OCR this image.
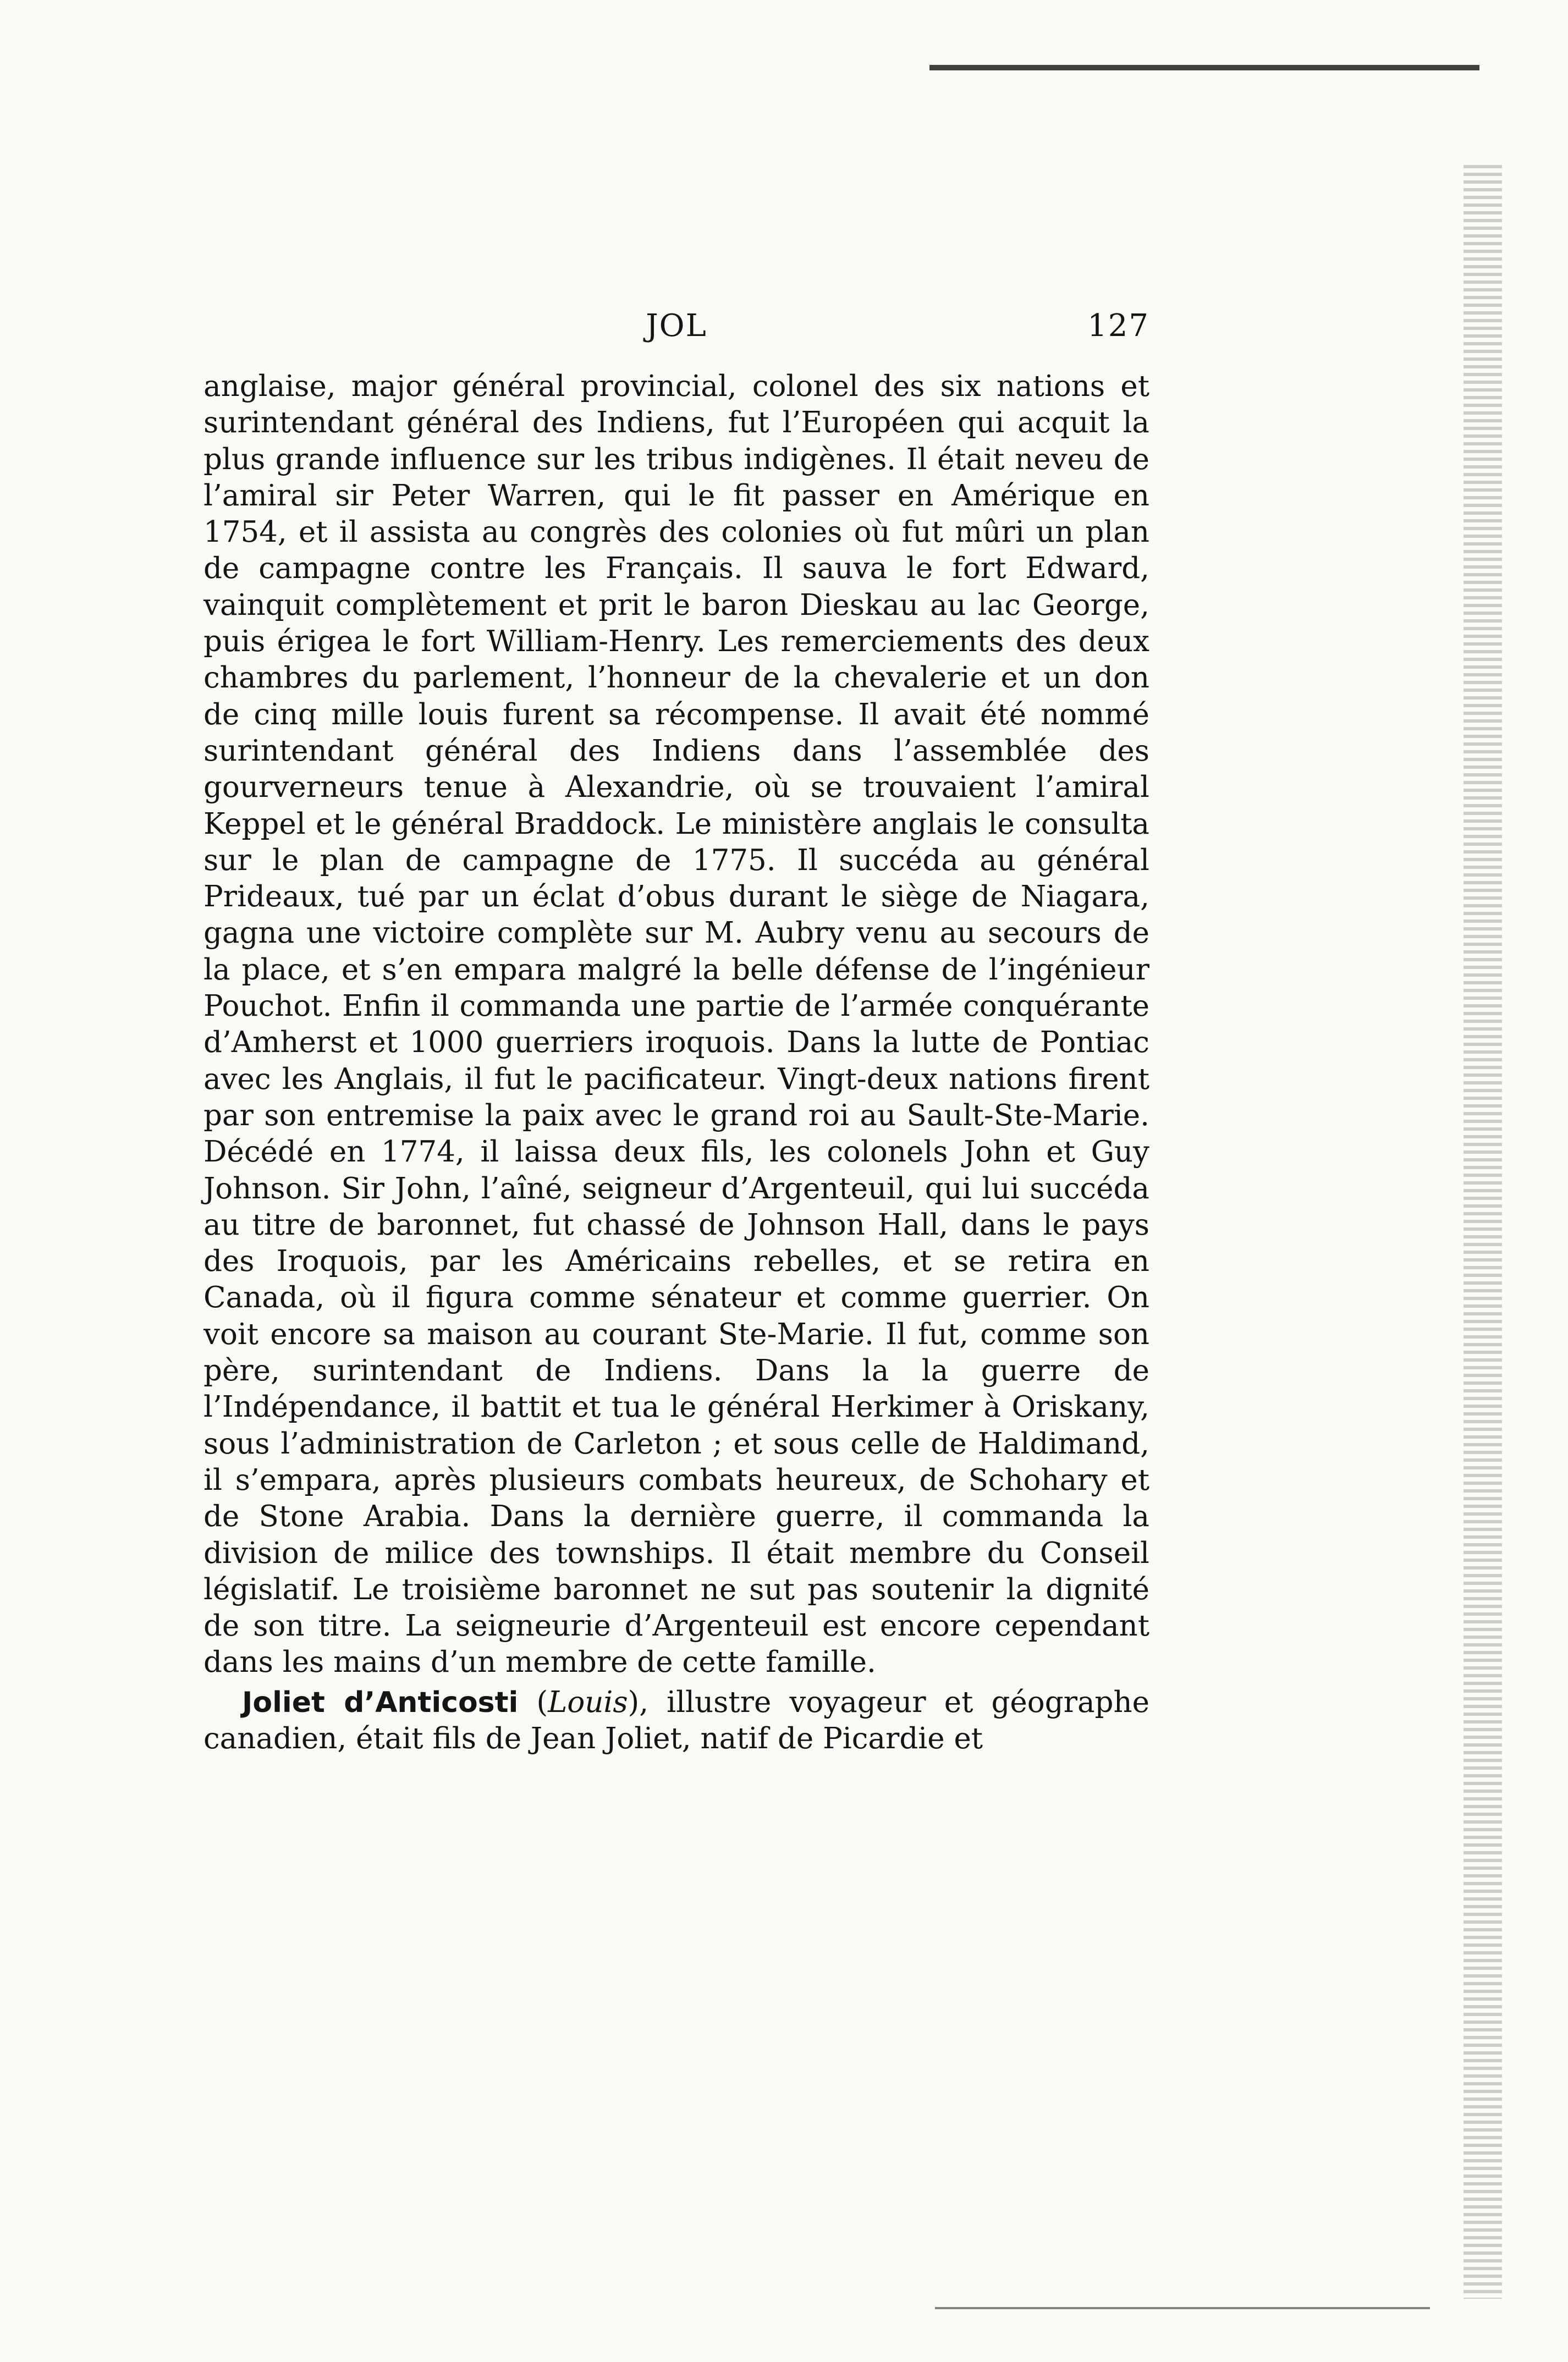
JOL	127

anglaise, major général provincial, colonel des six nations et surintendant général des Indiens, fut l’Européen qui acquit la plus grande influence sur les tribus indigènes. Il était neveu de l’amiral sir Peter Warren, qui le fit passer en Amérique en 1754, et il assista au congrès des colonies où fut mûri un plan de campagne contre les Français. Il sauva le fort Edward, vainquit complètement et prit le baron Dieskau au lac George, puis érigea le fort William-Henry. Les remerciements des deux chambres du parlement, l’honneur de la chevalerie et un don de cinq mille louis furent sa récompense. Il avait été nommé surintendant général des Indiens dans l’assemblée des gourverneurs tenue à Alexandrie, où se trouvaient l’amiral Keppel et le général Braddock. Le ministère anglais le consulta sur le plan de campagne de 1775. Il succéda au général Prideaux, tué par un éclat d’obus durant le siège de Niagara, gagna une victoire complète sur M. Aubry venu au secours de la place, et s’en empara malgré la belle défense de l’ingénieur Pouchot. Enfin il commanda une partie de l’armée conquérante d’Amherst et 1000 guerriers iroquois. Dans la lutte de Pontiac avec les Anglais, il fut le pacificateur. Vingt-deux nations firent par son entremise la paix avec le grand roi au Sault-Ste-Marie. Décédé en 1774, il laissa deux fils, les colonels John et Guy Johnson. Sir John, l’aîné, seigneur d’Argenteuil, qui lui succéda au titre de baronnet, fut chassé de Johnson Hall, dans le pays des Iroquois, par les Américains rebelles, et se retira en Canada, où il figura comme sénateur et comme guerrier. On voit encore sa maison au courant Ste-Marie. Il fut, comme son père, surintendant de Indiens. Dans la la guerre de l’Indépendance, il battit et tua le général Herkimer à Oriskany, sous l’administration de Carleton ; et sous celle de Haldimand, il s’empara, après plusieurs combats heureux, de Schohary et de Stone Arabia. Dans la dernière guerre, il commanda la division de milice des townships. Il était membre du Conseil législatif. Le troisième baronnet ne sut pas soutenir la dignité de son titre. La seigneurie d’Argenteuil est encore cependant dans les mains d’un membre de cette famille.

Joliet d’Anticosti (Louis), illustre voyageur et géographe canadien, était fils de Jean Joliet, natif de Picardie et
